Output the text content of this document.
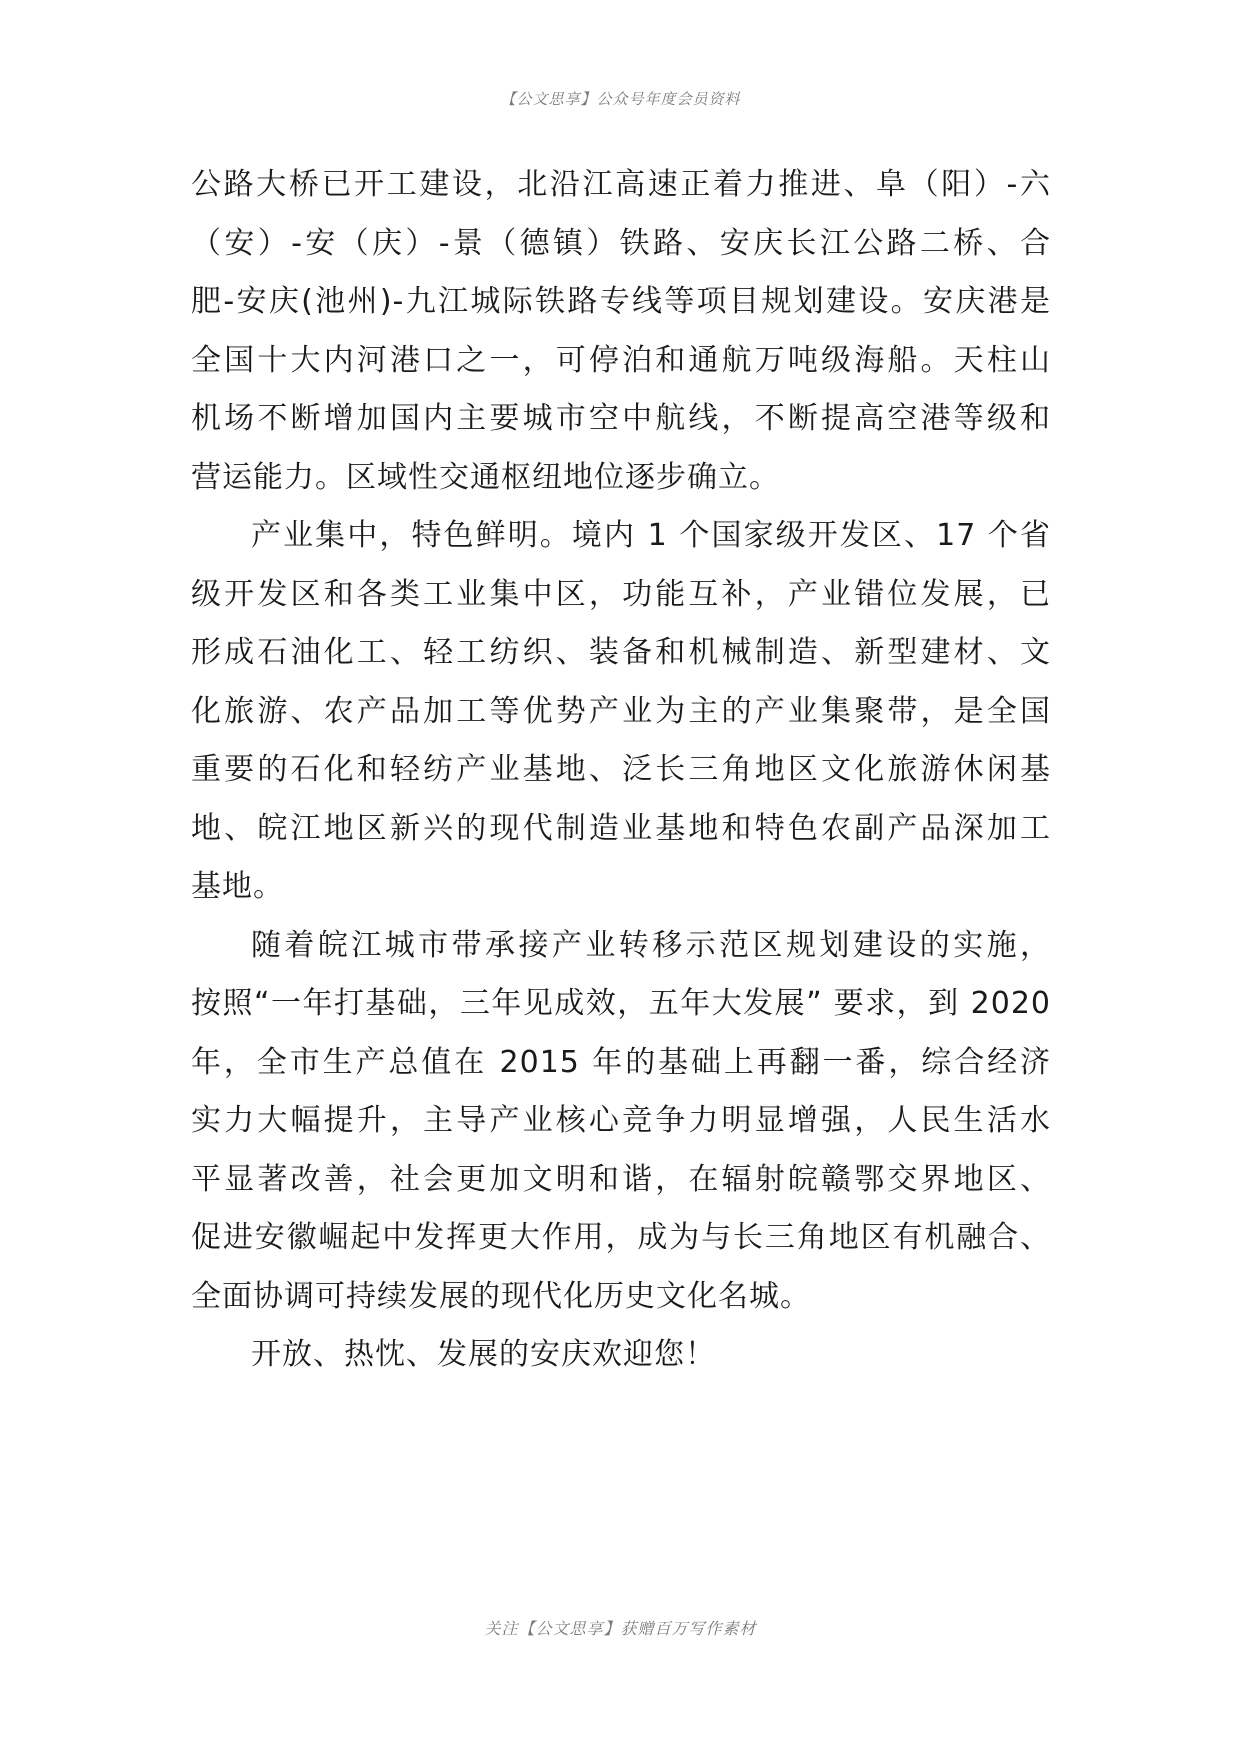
【公文思享】公众号年度会员资料
公路大桥已开工建设，北沿江高速正着力推进、阜（阳）-六
（安）-安（庆）-景（德镇）铁路、安庆长江公路二桥、合
肥-安庆(池州)-九江城际铁路专线等项目规划建设。安庆港是
全国十大内河港口之一，可停泊和通航万吨级海船。天柱山
机场不断增加国内主要城市空中航线，不断提高空港等级和
营运能力。区域性交通枢纽地位逐步确立。
产业集中，特色鲜明。境内 1 个国家级开发区、17 个省
级开发区和各类工业集中区，功能互补，产业错位发展，已
形成石油化工、轻工纺织、装备和机械制造、新型建材、文
化旅游、农产品加工等优势产业为主的产业集聚带，是全国
重要的石化和轻纺产业基地、泛长三角地区文化旅游休闲基
地、皖江地区新兴的现代制造业基地和特色农副产品深加工
基地。
随着皖江城市带承接产业转移示范区规划建设的实施，
按照“一年打基础，三年见成效，五年大发展” 要求，到 2020
年，全市生产总值在 2015 年的基础上再翻一番，综合经济
实力大幅提升，主导产业核心竞争力明显增强，人民生活水
平显著改善，社会更加文明和谐，在辐射皖赣鄂交界地区、
促进安徽崛起中发挥更大作用，成为与长三角地区有机融合、
全面协调可持续发展的现代化历史文化名城。
开放、热忱、发展的安庆欢迎您！
关注【公文思享】获赠百万写作素材
